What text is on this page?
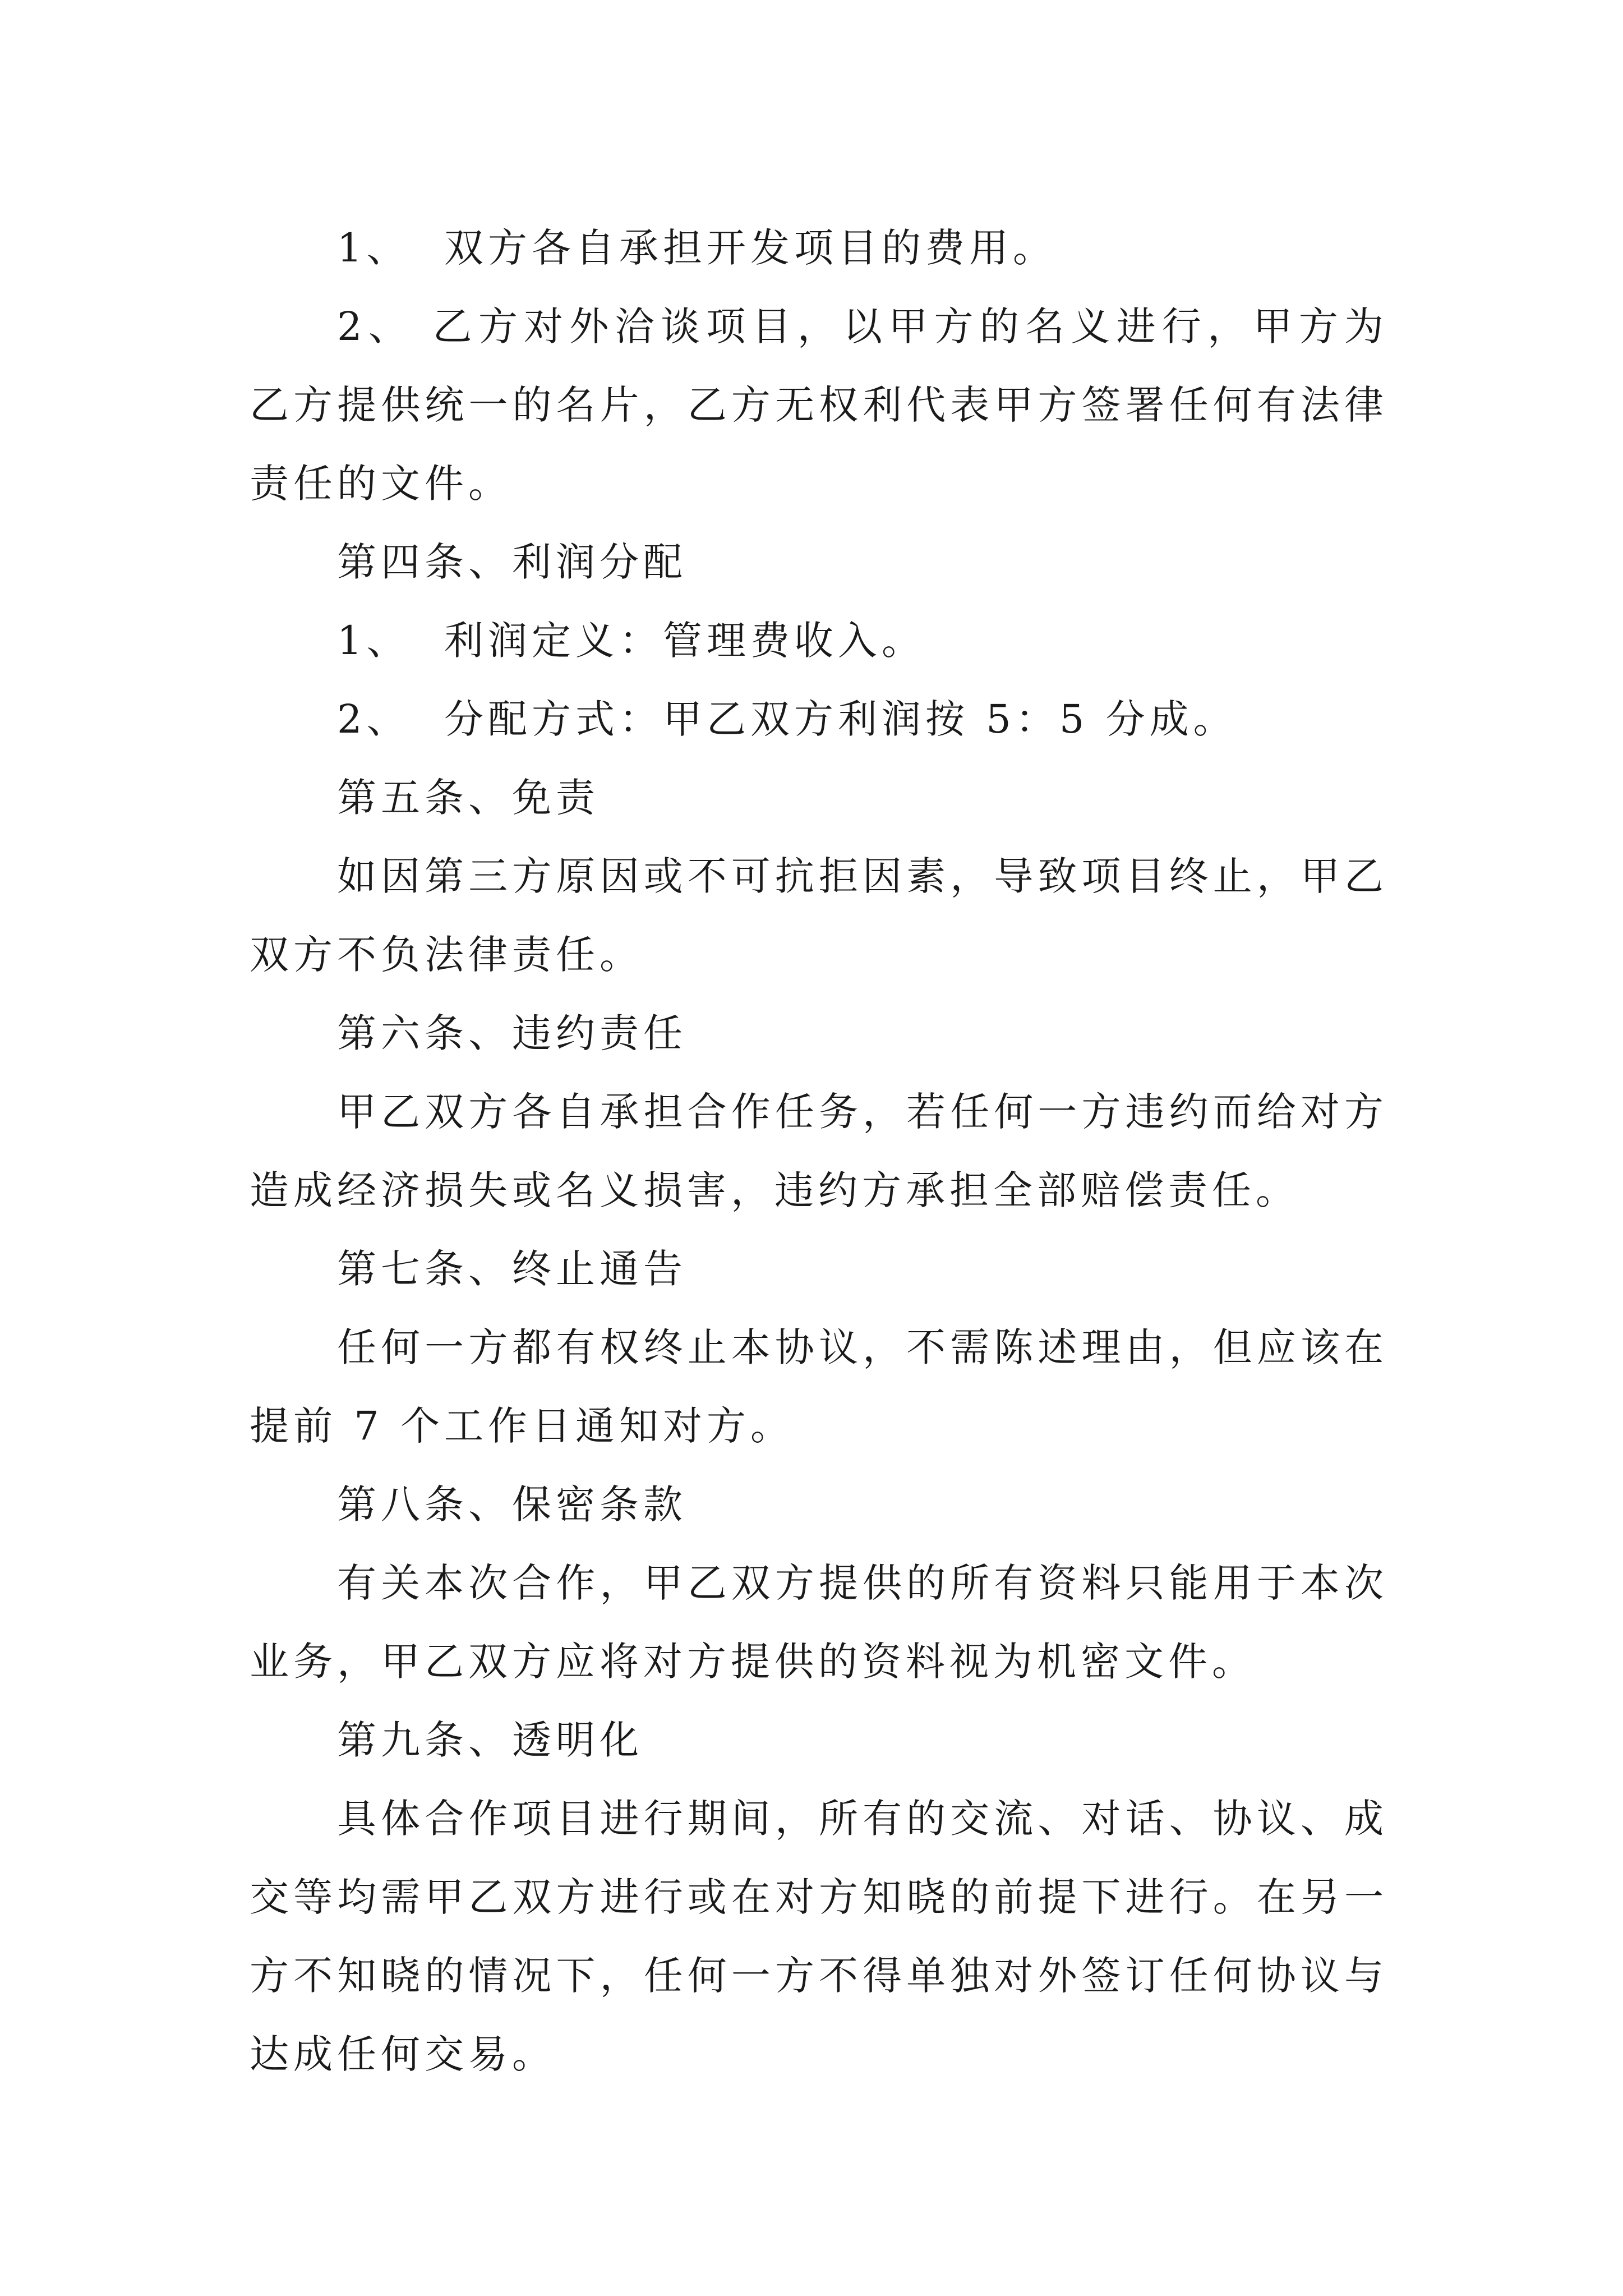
1、  双方各自承担开发项目的费用。

2、 乙方对外洽谈项目，以甲方的名义进行，甲方为乙方提供统一的名片，乙方无权利代表甲方签署任何有法律责任的文件。

第四条、利润分配

1、  利润定义：管理费收入。

2、  分配方式：甲乙双方利润按 5：5 分成。

第五条、免责

如因第三方原因或不可抗拒因素，导致项目终止，甲乙双方不负法律责任。

第六条、违约责任

甲乙双方各自承担合作任务，若任何一方违约而给对方造成经济损失或名义损害，违约方承担全部赔偿责任。

第七条、终止通告

任何一方都有权终止本协议，不需陈述理由，但应该在提前 7 个工作日通知对方。

第八条、保密条款

有关本次合作，甲乙双方提供的所有资料只能用于本次业务，甲乙双方应将对方提供的资料视为机密文件。

第九条、透明化

具体合作项目进行期间，所有的交流、对话、协议、成交等均需甲乙双方进行或在对方知晓的前提下进行。在另一方不知晓的情况下，任何一方不得单独对外签订任何协议与达成任何交易。
